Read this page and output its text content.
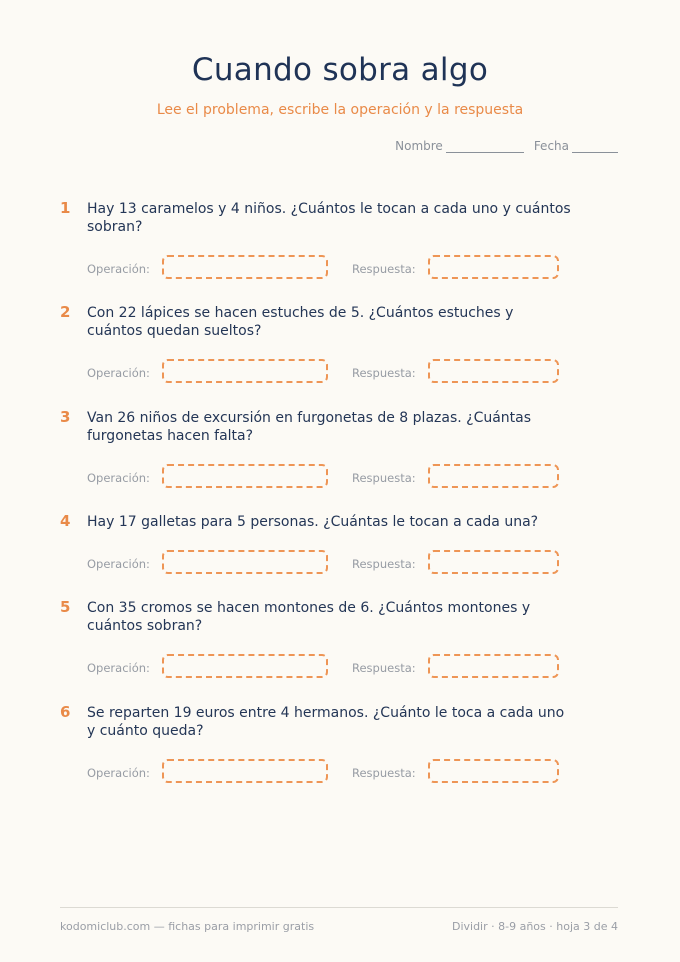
Cuando sobra algo
Lee el problema, escribe la operación y la respuesta
Nombre	Fecha
1 Hay 13 caramelos y 4 niños. ¿Cuántos le tocan a cada uno y cuántos sobran?
Operación:	Respuesta:
2 Con 22 lápices se hacen estuches de 5. ¿Cuántos estuches y cuántos quedan sueltos?
Operación:	Respuesta:
3 Van 26 niños de excursión en furgonetas de 8 plazas. ¿Cuántas furgonetas hacen falta?
Operación:	Respuesta:
4 Hay 17 galletas para 5 personas. ¿Cuántas le tocan a cada una?
Operación:	Respuesta:
5 Con 35 cromos se hacen montones de 6. ¿Cuántos montones y cuántos sobran?
Operación:	Respuesta:
6 Se reparten 19 euros entre 4 hermanos. ¿Cuánto le toca a cada uno y cuánto queda?
Operación:	Respuesta:
kodomiclub.com — fichas para imprimir gratis	Dividir · 8-9 años · hoja 3 de 4
